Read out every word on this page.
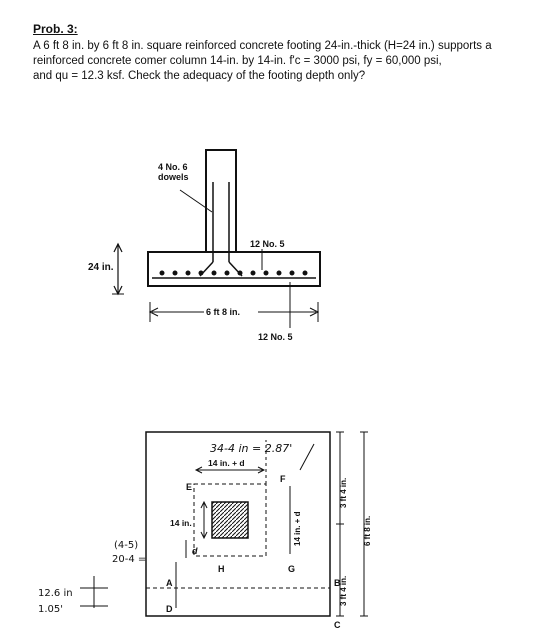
Prob. 3:

A 6 ft 8 in. by 6 ft 8 in. square reinforced concrete footing 24-in.-thick (H=24 in.) supports a

reinforced concrete comer column 14-in. by 14-in. f'c = 3000 psi, fy = 60,000 psi,

and qu = 12.3 ksf. Check the adequacy of the footing depth only?

4 No. 6
dowels
12 No. 5
24 in.
6 ft 8 in.
12 No. 5
34-4 in = 2.87'
14 in. + d
E
F
G
H
A	B
C
D
14 in.
d
14 in. + d
3 ft 4 in.
3 ft 4 in.
6 ft 8 in.
(4-5)
20-4 =
12.6 in
1.05'
